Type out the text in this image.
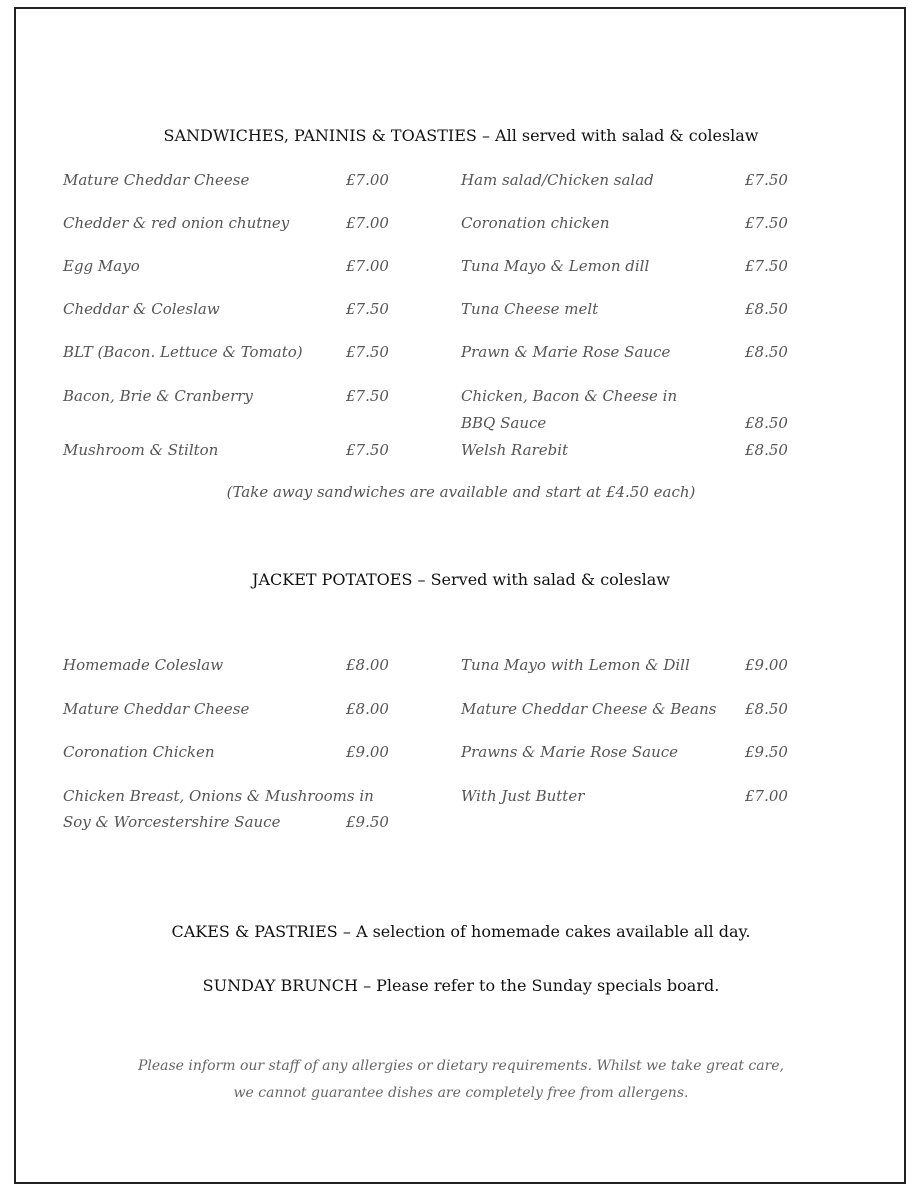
SANDWICHES, PANINIS & TOASTIES – All served with salad & coleslaw
Mature Cheddar Cheese	£7.00
Chedder & red onion chutney	£7.00
Egg Mayo	£7.00
Cheddar & Coleslaw	£7.50
BLT (Bacon. Lettuce & Tomato)	£7.50
Bacon, Brie & Cranberry	£7.50
Mushroom & Stilton	£7.50
Ham salad/Chicken salad	£7.50
Coronation chicken	£7.50
Tuna Mayo & Lemon dill	£7.50
Tuna Cheese melt	£8.50
Prawn & Marie Rose Sauce	£8.50
Chicken, Bacon & Cheese in
BBQ Sauce	£8.50
Welsh Rarebit	£8.50
(Take away sandwiches are available and start at £4.50 each)
JACKET POTATOES – Served with salad & coleslaw
Homemade Coleslaw	£8.00
Mature Cheddar Cheese	£8.00
Coronation Chicken	£9.00
Chicken Breast, Onions & Mushrooms in
Soy & Worcestershire Sauce	£9.50
Tuna Mayo with Lemon & Dill	£9.00
Mature Cheddar Cheese & Beans £8.50
Prawns & Marie Rose Sauce	£9.50
With Just Butter	£7.00
CAKES & PASTRIES – A selection of homemade cakes available all day.
SUNDAY BRUNCH – Please refer to the Sunday specials board.
Please inform our staff of any allergies or dietary requirements. Whilst we take great care,
we cannot guarantee dishes are completely free from allergens.
